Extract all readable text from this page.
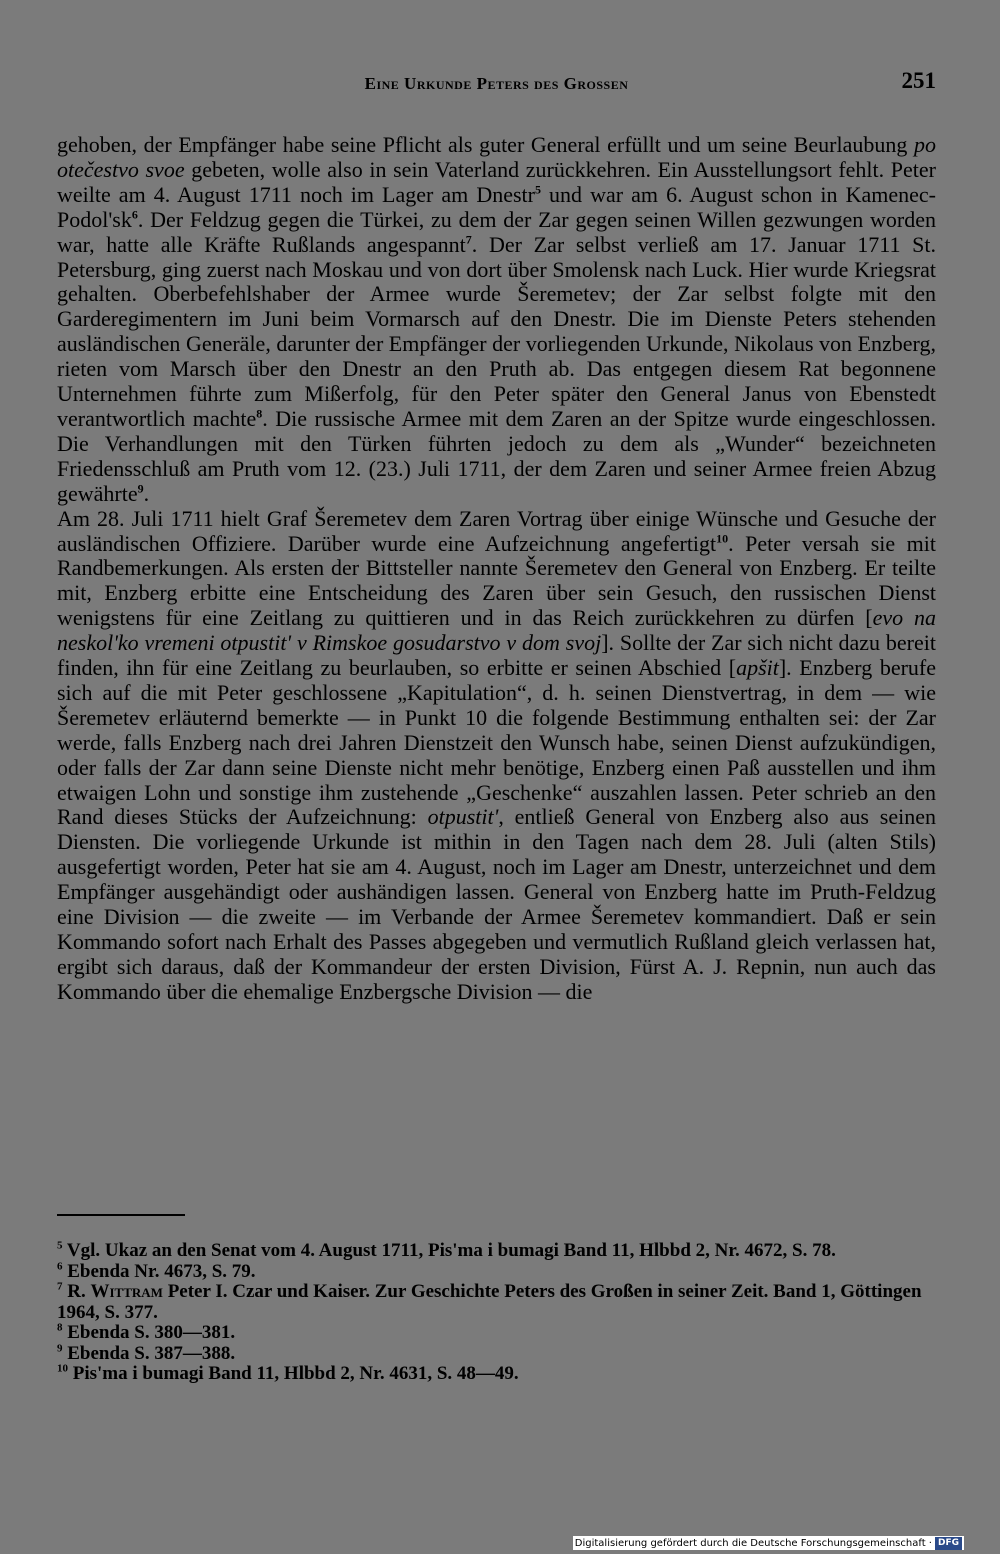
Eine Urkunde Peters des Grossen	251

gehoben, der Empfänger habe seine Pflicht als guter General erfüllt und um seine Beurlaubung po otečestvo svoe gebeten, wolle also in sein Vaterland zurückkehren. Ein Ausstellungsort fehlt. Peter weilte am 4. August 1711 noch im Lager am Dnestr$^5$ und war am 6. August schon in Kamenec-Podol'sk$^6$. Der Feldzug gegen die Türkei, zu dem der Zar gegen seinen Willen gezwungen worden war, hatte alle Kräfte Rußlands angespannt$^7$. Der Zar selbst verließ am 17. Januar 1711 St. Petersburg, ging zuerst nach Moskau und von dort über Smolensk nach Luck. Hier wurde Kriegsrat gehalten. Oberbefehlshaber der Armee wurde Šeremetev; der Zar selbst folgte mit den Garderegimentern im Juni beim Vormarsch auf den Dnestr. Die im Dienste Peters stehenden ausländischen Generäle, darunter der Empfänger der vorliegenden Urkunde, Nikolaus von Enzberg, rieten vom Marsch über den Dnestr an den Pruth ab. Das entgegen diesem Rat begonnene Unternehmen führte zum Mißerfolg, für den Peter später den General Janus von Ebenstedt verantwortlich machte$^8$. Die russische Armee mit dem Zaren an der Spitze wurde eingeschlossen. Die Verhandlungen mit den Türken führten jedoch zu dem als „Wunder“ bezeichneten Friedensschluß am Pruth vom 12. (23.) Juli 1711, der dem Zaren und seiner Armee freien Abzug gewährte$^9$.

Am 28. Juli 1711 hielt Graf Šeremetev dem Zaren Vortrag über einige Wünsche und Gesuche der ausländischen Offiziere. Darüber wurde eine Aufzeichnung angefertigt$^{10}$. Peter versah sie mit Randbemerkungen. Als ersten der Bittsteller nannte Šeremetev den General von Enzberg. Er teilte mit, Enzberg erbitte eine Entscheidung des Zaren über sein Gesuch, den russischen Dienst wenigstens für eine Zeitlang zu quittieren und in das Reich zurückkehren zu dürfen [evo na neskol'ko vremeni otpustit' v Rimskoe gosudarstvo v dom svoj]. Sollte der Zar sich nicht dazu bereit finden, ihn für eine Zeitlang zu beurlauben, so erbitte er seinen Abschied [apšit]. Enzberg berufe sich auf die mit Peter geschlossene „Kapitulation“, d. h. seinen Dienstvertrag, in dem — wie Šeremetev erläuternd bemerkte — in Punkt 10 die folgende Bestimmung enthalten sei: der Zar werde, falls Enzberg nach drei Jahren Dienstzeit den Wunsch habe, seinen Dienst aufzukündigen, oder falls der Zar dann seine Dienste nicht mehr benötige, Enzberg einen Paß ausstellen und ihm etwaigen Lohn und sonstige ihm zustehende „Geschenke“ auszahlen lassen. Peter schrieb an den Rand dieses Stücks der Aufzeichnung: otpustit', entließ General von Enzberg also aus seinen Diensten. Die vorliegende Urkunde ist mithin in den Tagen nach dem 28. Juli (alten Stils) ausgefertigt worden, Peter hat sie am 4. August, noch im Lager am Dnestr, unterzeichnet und dem Empfänger ausgehändigt oder aushändigen lassen. General von Enzberg hatte im Pruth-Feldzug eine Division — die zweite — im Verbande der Armee Šeremetev kommandiert. Daß er sein Kommando sofort nach Erhalt des Passes abgegeben und vermutlich Rußland gleich verlassen hat, ergibt sich daraus, daß der Kommandeur der ersten Division, Fürst A. J. Repnin, nun auch das Kommando über die ehemalige Enzbergsche Division — die

$^5$ Vgl. Ukaz an den Senat vom 4. August 1711, Pis'ma i bumagi Band 11, Hlbbd 2, Nr. 4672, S. 78.

$^6$ Ebenda Nr. 4673, S. 79.

$^7$ R. Wittram Peter I. Czar und Kaiser. Zur Geschichte Peters des Großen in seiner Zeit. Band 1, Göttingen 1964, S. 377.

$^8$ Ebenda S. 380—381.

$^9$ Ebenda S. 387—388.

$^{10}$ Pis'ma i bumagi Band 11, Hlbbd 2, Nr. 4631, S. 48—49.

Digitalisierung gefördert durch die Deutsche Forschungsgemeinschaft · DFG
